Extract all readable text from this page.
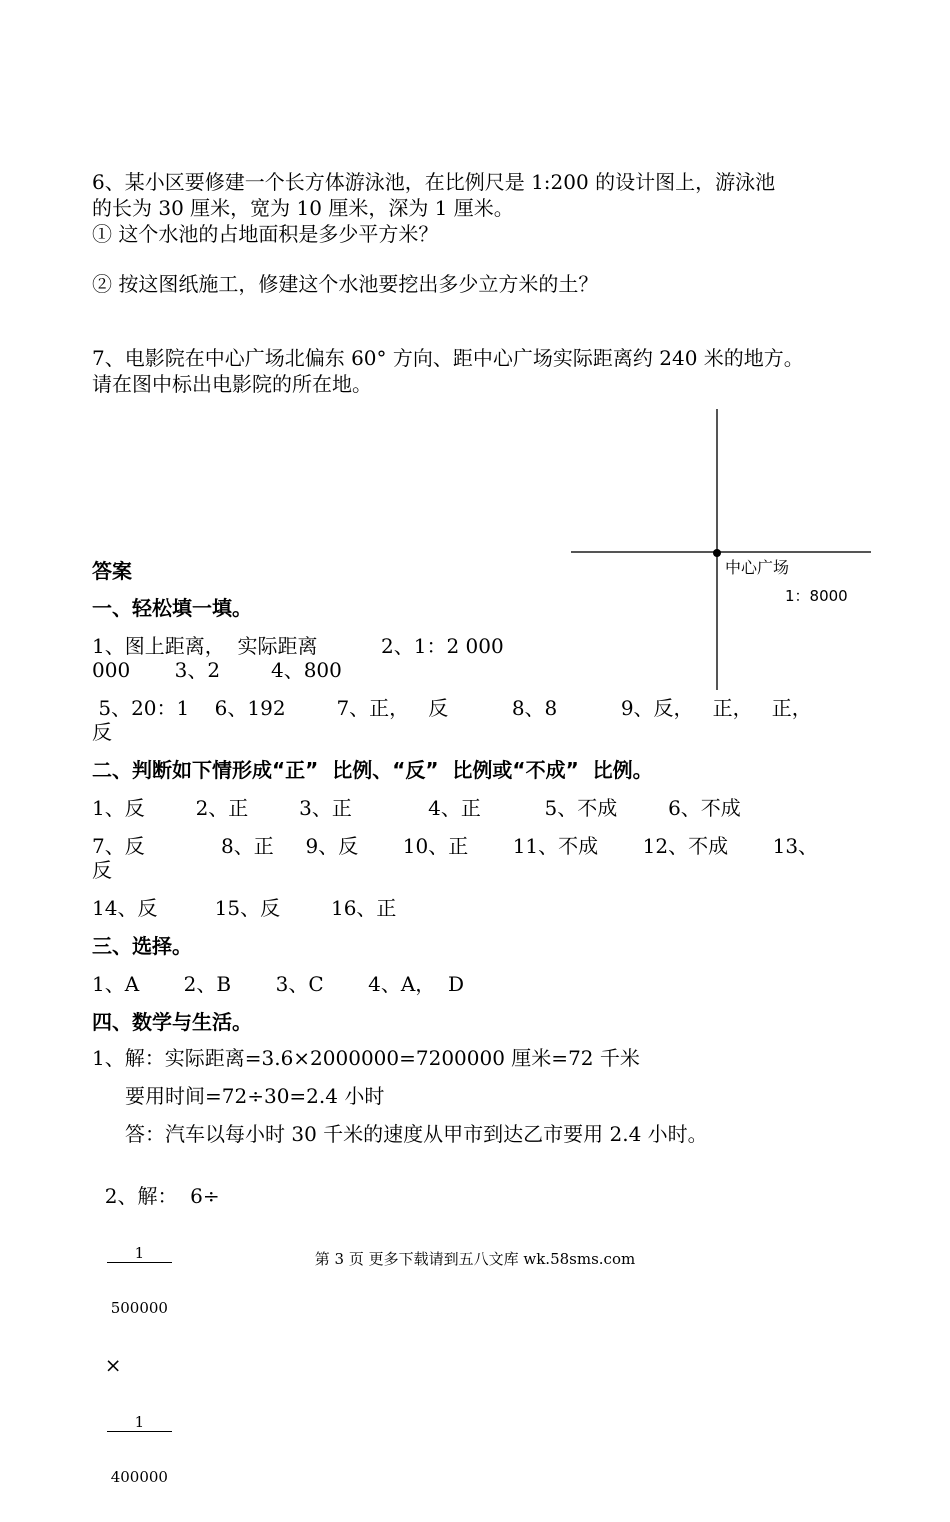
6、某小区要修建一个长方体游泳池，在比例尺是 1:200 的设计图上，游泳池
的长为 30 厘米，宽为 10 厘米，深为 1 厘米。
① 这个水池的占地面积是多少平方米？
② 按这图纸施工，修建这个水池要挖出多少立方米的土？
7、电影院在中心广场北偏东 60° 方向、距中心广场实际距离约 240 米的地方。
请在图中标出电影院的所在地。
中心广场
1：8000
答案
一、轻松填一填。
1、图上距离，  实际距离          2、1：2 000
000       3、2        4、800
5、20：1    6、192        7、正，   反          8、8          9、反，   正，   正，
反
二、判断如下情形成“正”  比例、“反”  比例或“不成”  比例。
1、反        2、正        3、正            4、正          5、不成        6、不成
7、反            8、正     9、反       10、正       11、不成       12、不成       13、
反
14、反         15、反        16、正
三、选择。
1、A       2、B       3、C       4、A，  D
四、数学与生活。
1、解：实际距离=3.6×2000000=7200000 厘米=72 千米
要用时间=72÷30=2.4 小时
答：汽车以每小时 30 千米的速度从甲市到达乙市要用 2.4 小时。

2、解：  6÷

$\frac{1}{500000}$

×

$\frac{1}{400000}$

第 3 页 更多下载请到五八文库 wk.58sms.com
